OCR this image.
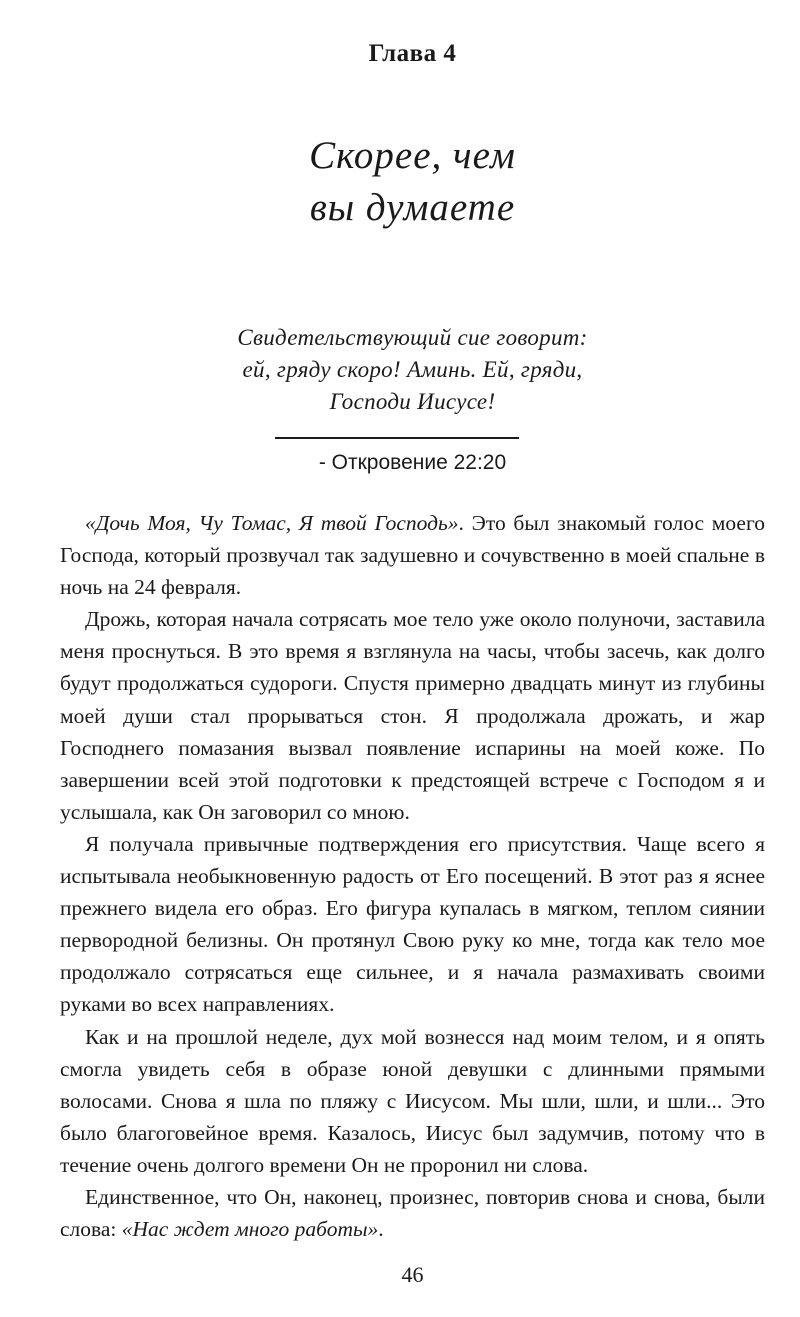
Глава 4
Скорее, чем
вы думаете
Свидетельствующий сие говорит:
ей, гряду скоро! Аминь. Ей, гряди,
Господи Иисусе!
- Откровение 22:20

«Дочь Моя, Чу Томас, Я твой Господь». Это был знакомый голос моего Господа, который прозвучал так задушевно и сочувственно в моей спальне в ночь на 24 февраля.

Дрожь, которая начала сотрясать мое тело уже около полуночи, заставила меня проснуться. В это время я взглянула на часы, чтобы засечь, как долго будут продолжаться судороги. Спустя примерно двадцать минут из глубины моей души стал прорываться стон. Я продолжала дрожать, и жар Господнего помазания вызвал появление испарины на моей коже. По завершении всей этой подготовки к предстоящей встрече с Господом я и услышала, как Он заговорил со мною.

Я получала привычные подтверждения его присутствия. Чаще всего я испытывала необыкновенную радость от Его посещений. В этот раз я яснее прежнего видела его образ. Его фигура купалась в мягком, теплом сиянии первородной белизны. Он протянул Свою руку ко мне, тогда как тело мое продолжало сотрясаться еще сильнее, и я начала размахивать своими руками во всех направлениях.

Как и на прошлой неделе, дух мой вознесся над моим телом, и я опять смогла увидеть себя в образе юной девушки с длинными прямыми волосами. Снова я шла по пляжу с Иисусом. Мы шли, шли, и шли... Это было благоговейное время. Казалось, Иисус был задумчив, потому что в течение очень долгого времени Он не проронил ни слова.

Единственное, что Он, наконец, произнес, повторив снова и снова, были слова: «Нас ждет много работы».

46
